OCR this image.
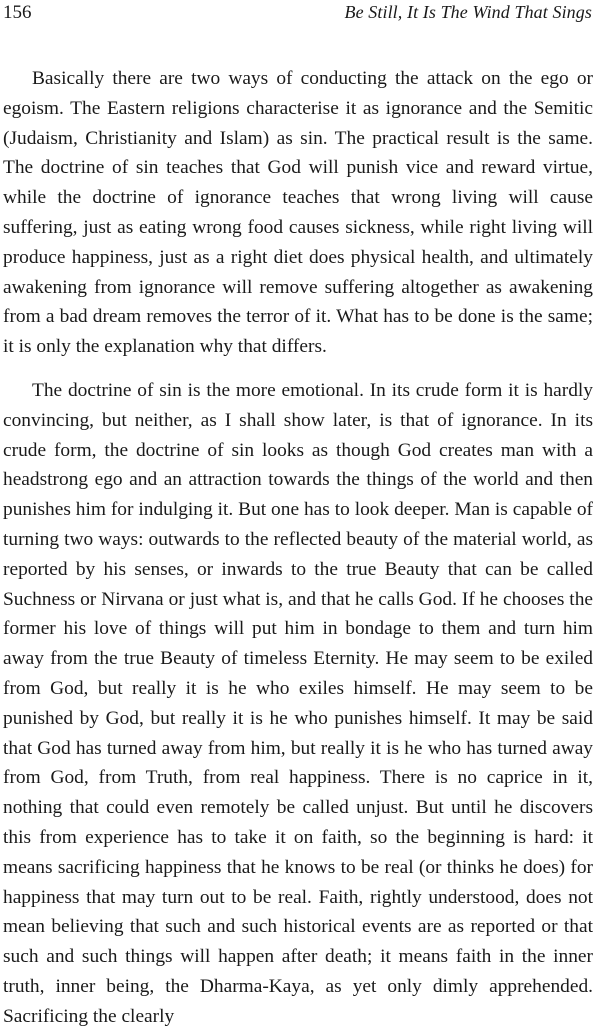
156	Be Still, It Is The Wind That Sings

Basically there are two ways of conducting the attack on the ego or egoism. The Eastern religions characterise it as ignorance and the Semitic (Judaism, Christianity and Islam) as sin. The practical result is the same. The doctrine of sin teaches that God will punish vice and reward virtue, while the doctrine of ignorance teaches that wrong living will cause suffering, just as eating wrong food causes sickness, while right living will produce happiness, just as a right diet does physical health, and ultimately awakening from ignorance will remove suffering altogether as awakening from a bad dream removes the terror of it. What has to be done is the same; it is only the explanation why that differs.

The doctrine of sin is the more emotional. In its crude form it is hardly convincing, but neither, as I shall show later, is that of ignorance. In its crude form, the doctrine of sin looks as though God creates man with a headstrong ego and an attraction towards the things of the world and then punishes him for indulging it. But one has to look deeper. Man is capable of turning two ways: outwards to the reflected beauty of the material world, as reported by his senses, or inwards to the true Beauty that can be called Suchness or Nirvana or just what is, and that he calls God. If he chooses the former his love of things will put him in bondage to them and turn him away from the true Beauty of timeless Eternity. He may seem to be exiled from God, but really it is he who exiles himself. He may seem to be punished by God, but really it is he who punishes himself. It may be said that God has turned away from him, but really it is he who has turned away from God, from Truth, from real happiness. There is no caprice in it, nothing that could even remotely be called unjust. But until he discovers this from experience has to take it on faith, so the beginning is hard: it means sacrificing happiness that he knows to be real (or thinks he does) for happiness that may turn out to be real. Faith, rightly understood, does not mean believing that such and such historical events are as reported or that such and such things will happen after death; it means faith in the inner truth, inner being, the Dharma-Kaya, as yet only dimly apprehended. Sacrificing the clearly
